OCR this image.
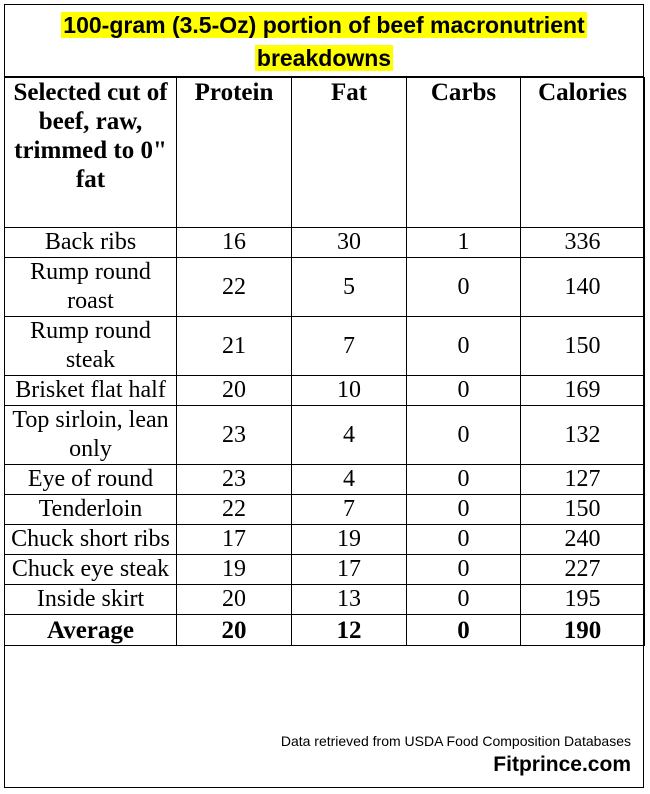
100-gram (3.5-Oz) portion of beef macronutrient breakdowns
Selected cut of beef, raw, trimmed to 0" fat	Protein	Fat	Carbs	Calories
Back ribs	16	30	1	336
Rump round roast	22	5	0	140
Rump round steak	21	7	0	150
Brisket flat half	20	10	0	169
Top sirloin, lean only	23	4	0	132
Eye of round	23	4	0	127
Tenderloin	22	7	0	150
Chuck short ribs	17	19	0	240
Chuck eye steak	19	17	0	227
Inside skirt	20	13	0	195
Average	20	12	0	190
Data retrieved from USDA Food Composition Databases
Fitprince.com
